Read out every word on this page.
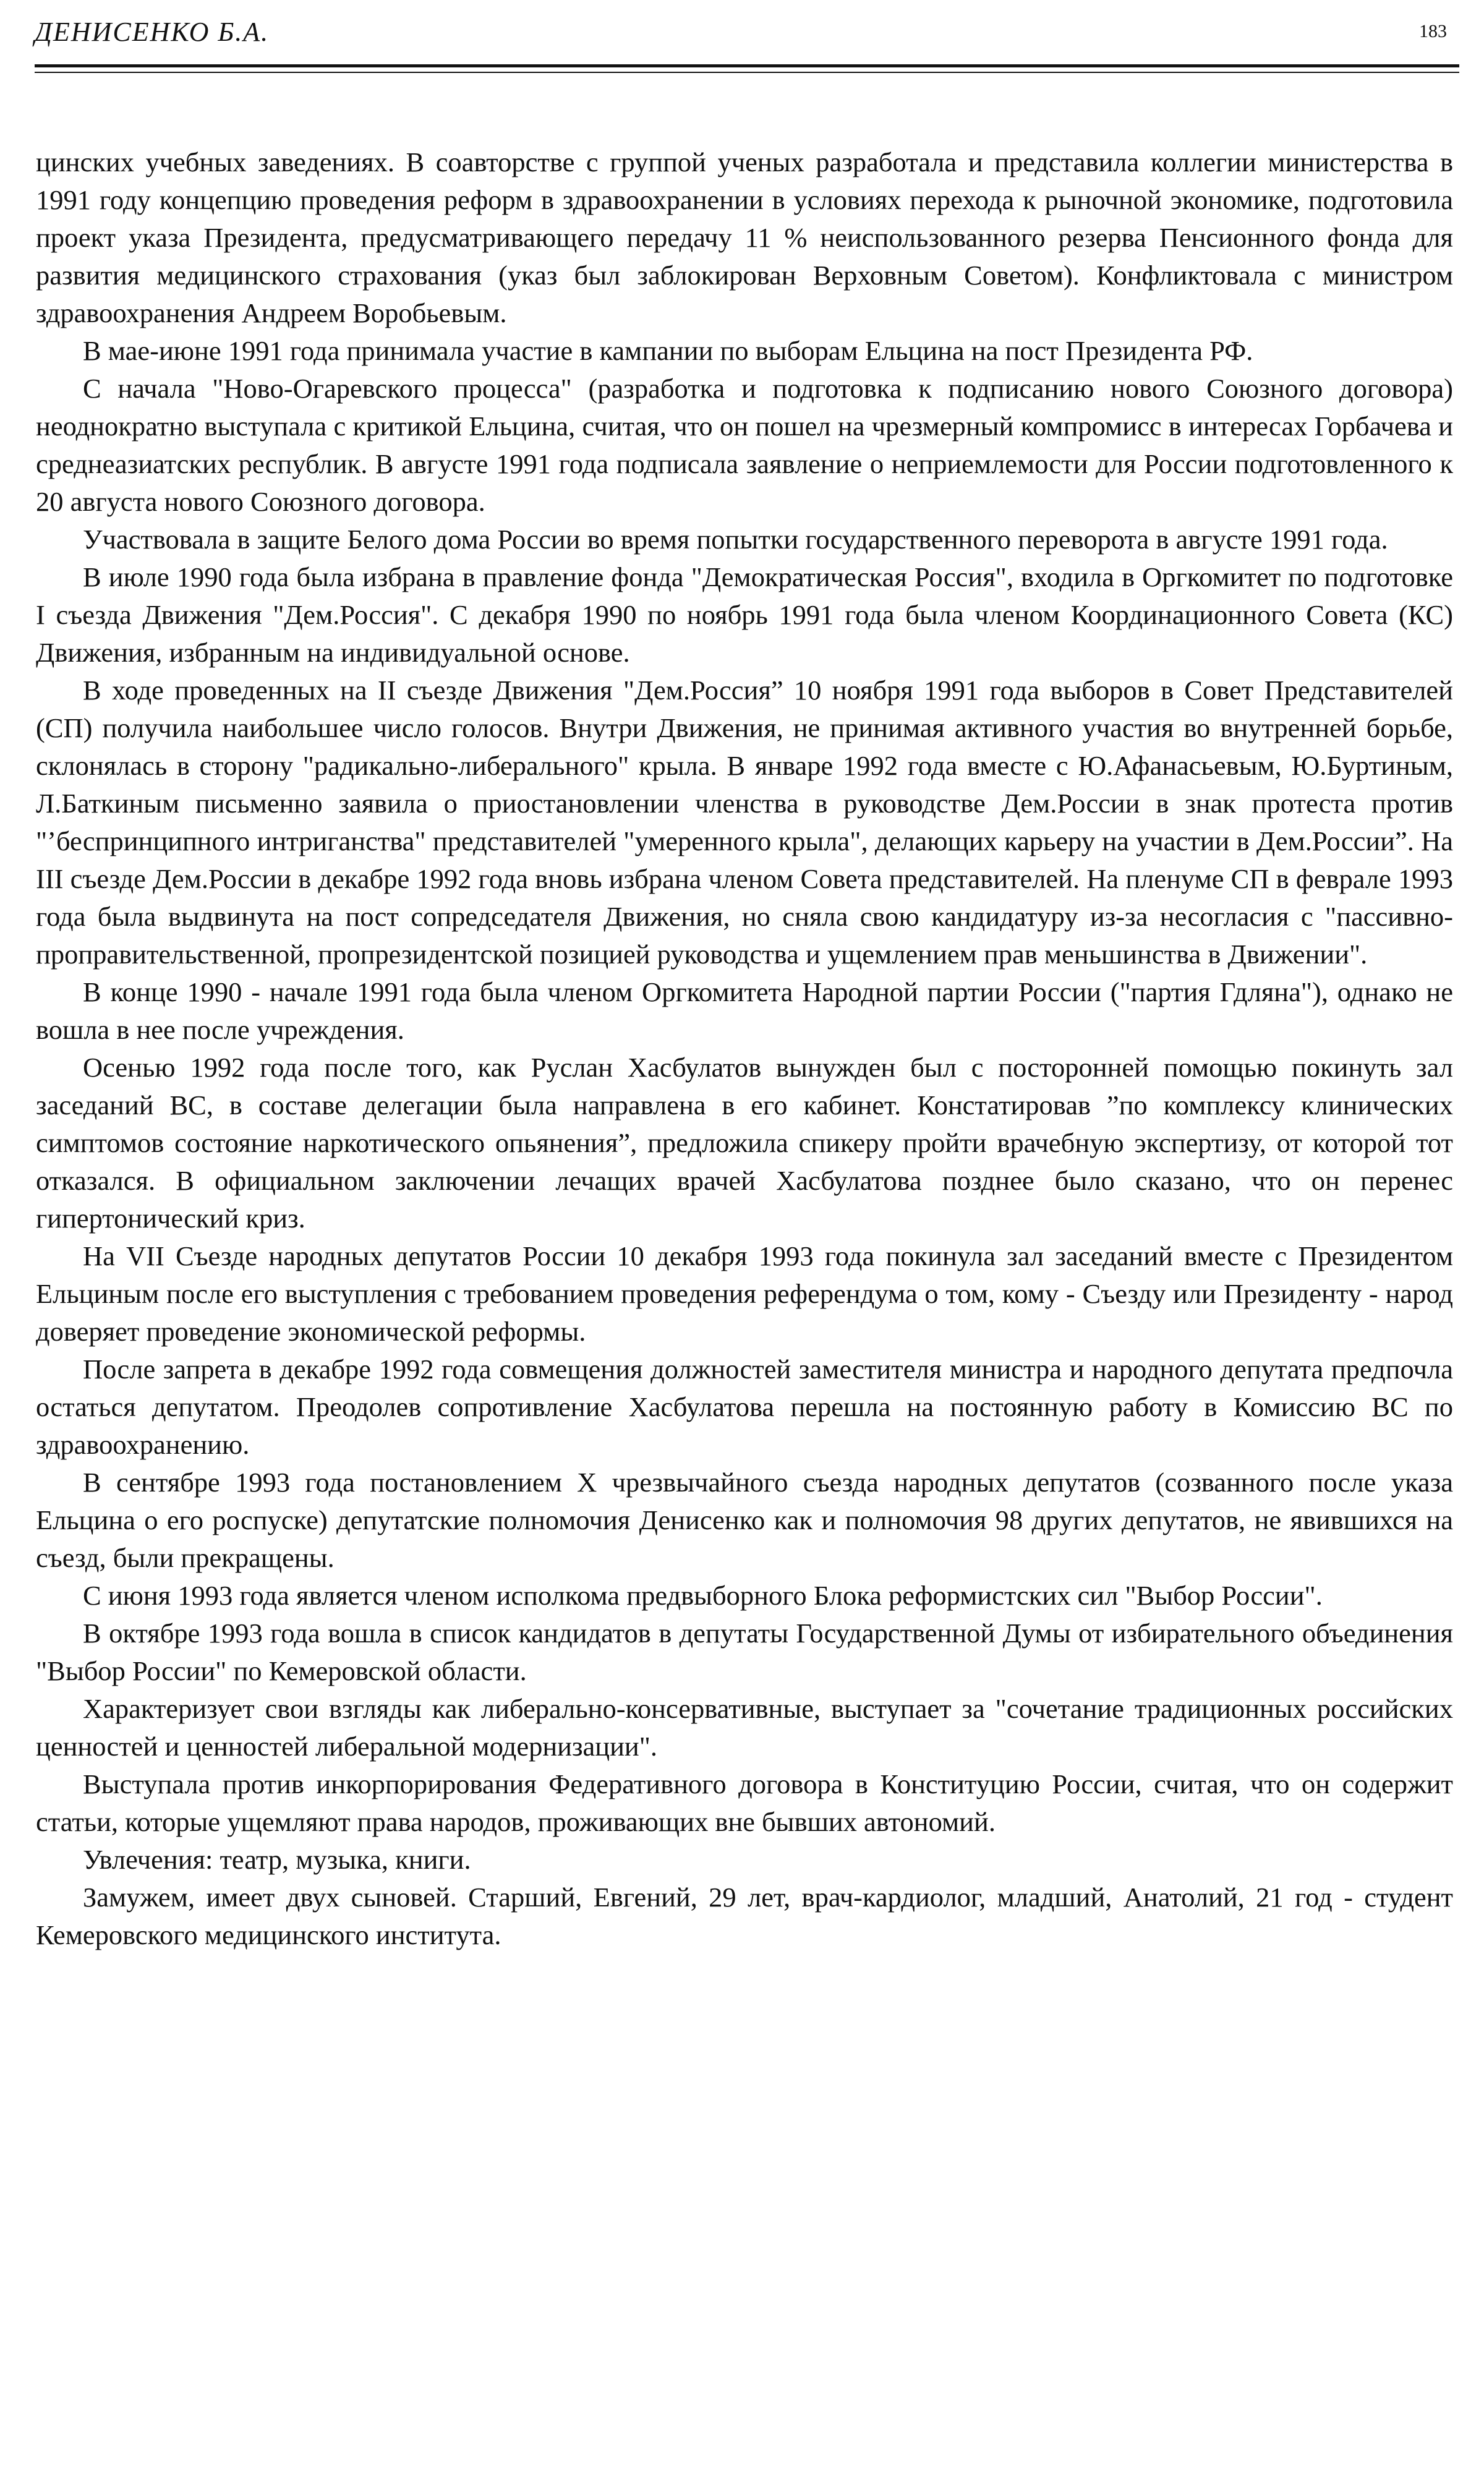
ДЕНИСЕНКО Б.А.	183

цинских учебных заведениях. В соавторстве с группой ученых разработала и представила коллегии министерства в 1991 году концепцию проведения реформ в здравоохранении в условиях перехода к рыночной экономике, подготовила проект указа Президента, предусматривающего передачу 11 % неиспользованного резерва Пенсионного фонда для развития медицинского страхования (указ был заблокирован Верховным Советом). Конфликтовала с министром здравоохранения Андреем Воробьевым.

В мае-июне 1991 года принимала участие в кампании по выборам Ельцина на пост Президента РФ.

С начала "Ново-Огаревского процесса" (разработка и подготовка к подписанию нового Союзного договора) неоднократно выступала с критикой Ельцина, считая, что он пошел на чрезмерный компромисс в интересах Горбачева и среднеазиатских республик. В августе 1991 года подписала заявление о неприемлемости для России подготовленного к 20 августа нового Союзного договора.

Участвовала в защите Белого дома России во время попытки государственного переворота в августе 1991 года.

В июле 1990 года была избрана в правление фонда "Демократическая Россия", входила в Оргкомитет по подготовке I съезда Движения "Дем.Россия". С декабря 1990 по ноябрь 1991 года была членом Координационного Совета (КС) Движения, избранным на индивидуальной основе.

В ходе проведенных на II съезде Движения "Дем.Россия” 10 ноября 1991 года выборов в Совет Представителей (СП) получила наибольшее число голосов. Внутри Движения, не принимая активного участия во внутренней борьбе, склонялась в сторону "радикально-либерального" крыла. В январе 1992 года вместе с Ю.Афанасьевым, Ю.Буртиным, Л.Баткиным письменно заявила о приостановлении членства в руководстве Дем.России в знак протеста против "’беспринципного интриганства" представителей "умеренного крыла", делающих карьеру на участии в Дем.России”. На III съезде Дем.России в декабре 1992 года вновь избрана членом Совета представителей. На пленуме СП в феврале 1993 года была выдвинута на пост сопредседателя Движения, но сняла свою кандидатуру из-за несогласия с "пассивно-проправительственной, пропрезидентской позицией руководства и ущемлением прав меньшинства в Движении".

В конце 1990 - начале 1991 года была членом Оргкомитета Народной партии России ("партия Гдляна"), однако не вошла в нее после учреждения.

Осенью 1992 года после того, как Руслан Хасбулатов вынужден был с посторонней помощью покинуть зал заседаний ВС, в составе делегации была направлена в его кабинет. Констатировав ”по комплексу клинических симптомов состояние наркотического опьянения”, предложила спикеру пройти врачебную экспертизу, от которой тот отказался. В официальном заключении лечащих врачей Хасбулатова позднее было сказано, что он перенес гипертонический криз.

На VII Съезде народных депутатов России 10 декабря 1993 года покинула зал заседаний вместе с Президентом Ельциным после его выступления с требованием проведения референдума о том, кому - Съезду или Президенту - народ доверяет проведение экономической реформы.

После запрета в декабре 1992 года совмещения должностей заместителя министра и народного депутата предпочла остаться депутатом. Преодолев сопротивление Хасбулатова перешла на постоянную работу в Комиссию ВС по здравоохранению.

В сентябре 1993 года постановлением X чрезвычайного съезда народных депутатов (созванного после указа Ельцина о его роспуске) депутатские полномочия Денисенко как и полномочия 98 других депутатов, не явившихся на съезд, были прекращены.

С июня 1993 года является членом исполкома предвыборного Блока реформистских сил "Выбор России".

В октябре 1993 года вошла в список кандидатов в депутаты Государственной Думы от избирательного объединения "Выбор России" по Кемеровской области.

Характеризует свои взгляды как либерально-консервативные, выступает за "сочетание традиционных российских ценностей и ценностей либеральной модернизации".

Выступала против инкорпорирования Федеративного договора в Конституцию России, считая, что он содержит статьи, которые ущемляют права народов, проживающих вне бывших автономий.

Увлечения: театр, музыка, книги.

Замужем, имеет двух сыновей. Старший, Евгений, 29 лет, врач-кардиолог, младший, Анатолий, 21 год - студент Кемеровского медицинского института.
